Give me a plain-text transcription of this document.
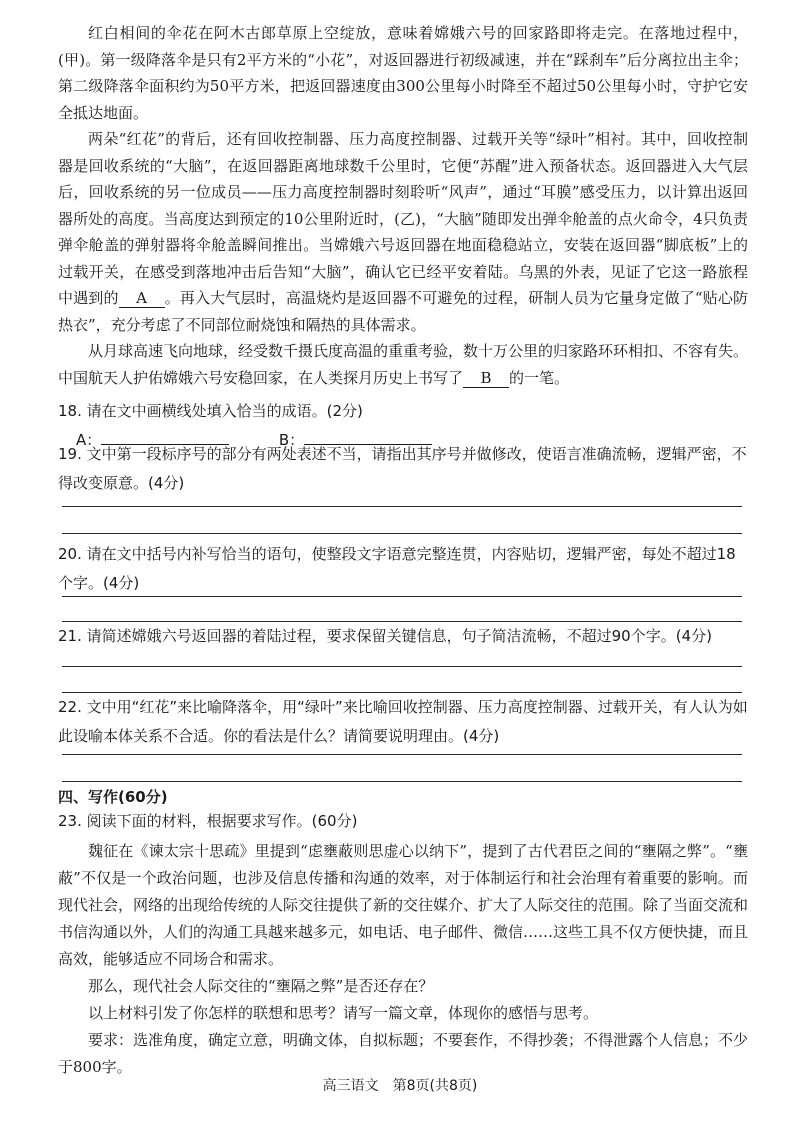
红白相间的伞花在阿木古郎草原上空绽放，意味着嫦娥六号的回家路即将走完。在落地过程中，(甲)。第一级降落伞是只有2平方米的“小花”，对返回器进行初级减速，并在“踩刹车”后分离拉出主伞；第二级降落伞面积约为50平方米，把返回器速度由300公里每小时降至不超过50公里每小时，守护它安全抵达地面。

两朵“红花”的背后，还有回收控制器、压力高度控制器、过载开关等“绿叶”相衬。其中，回收控制器是回收系统的“大脑”，在返回器距离地球数千公里时，它便“苏醒”进入预备状态。返回器进入大气层后，回收系统的另一位成员——压力高度控制器时刻聆听“风声”，通过“耳膜”感受压力，以计算出返回器所处的高度。当高度达到预定的10公里附近时，(乙)，“大脑”随即发出弹伞舱盖的点火命令，4只负责弹伞舱盖的弹射器将伞舱盖瞬间推出。当嫦娥六号返回器在地面稳稳站立，安装在返回器“脚底板”上的过载开关，在感受到落地冲击后告知“大脑”，确认它已经平安着陆。乌黑的外表，见证了它这一路旅程中遇到的 A 。再入大气层时，高温烧灼是返回器不可避免的过程，研制人员为它量身定做了“贴心防热衣”，充分考虑了不同部位耐烧蚀和隔热的具体需求。

从月球高速飞向地球，经受数千摄氏度高温的重重考验，数十万公里的归家路环环相扣、不容有失。中国航天人护佑嫦娥六号安稳回家，在人类探月历史上书写了 B 的一笔。

18. 请在文中画横线处填入恰当的成语。(2分)
A：	B：
19. 文中第一段标序号的部分有两处表述不当，请指出其序号并做修改，使语言准确流畅，逻辑严密，不得改变原意。(4分)
20. 请在文中括号内补写恰当的语句，使整段文字语意完整连贯，内容贴切，逻辑严密，每处不超过18个字。(4分)
21. 请简述嫦娥六号返回器的着陆过程，要求保留关键信息，句子简洁流畅，不超过90个字。(4分)
22. 文中用“红花”来比喻降落伞，用“绿叶”来比喻回收控制器、压力高度控制器、过载开关，有人认为如此设喻本体关系不合适。你的看法是什么？请简要说明理由。(4分)
四、写作(60分)
23. 阅读下面的材料，根据要求写作。(60分)

魏征在《谏太宗十思疏》里提到“虑壅蔽则思虚心以纳下”，提到了古代君臣之间的“壅隔之弊”。“壅蔽”不仅是一个政治问题，也涉及信息传播和沟通的效率，对于体制运行和社会治理有着重要的影响。而现代社会，网络的出现给传统的人际交往提供了新的交往媒介、扩大了人际交往的范围。除了当面交流和书信沟通以外，人们的沟通工具越来越多元，如电话、电子邮件、微信……这些工具不仅方便快捷，而且高效，能够适应不同场合和需求。

那么，现代社会人际交往的“壅隔之弊”是否还存在？

以上材料引发了你怎样的联想和思考？请写一篇文章，体现你的感悟与思考。

要求：选准角度，确定立意，明确文体，自拟标题；不要套作，不得抄袭；不得泄露个人信息；不少于800字。

高三语文　第8页(共8页)
